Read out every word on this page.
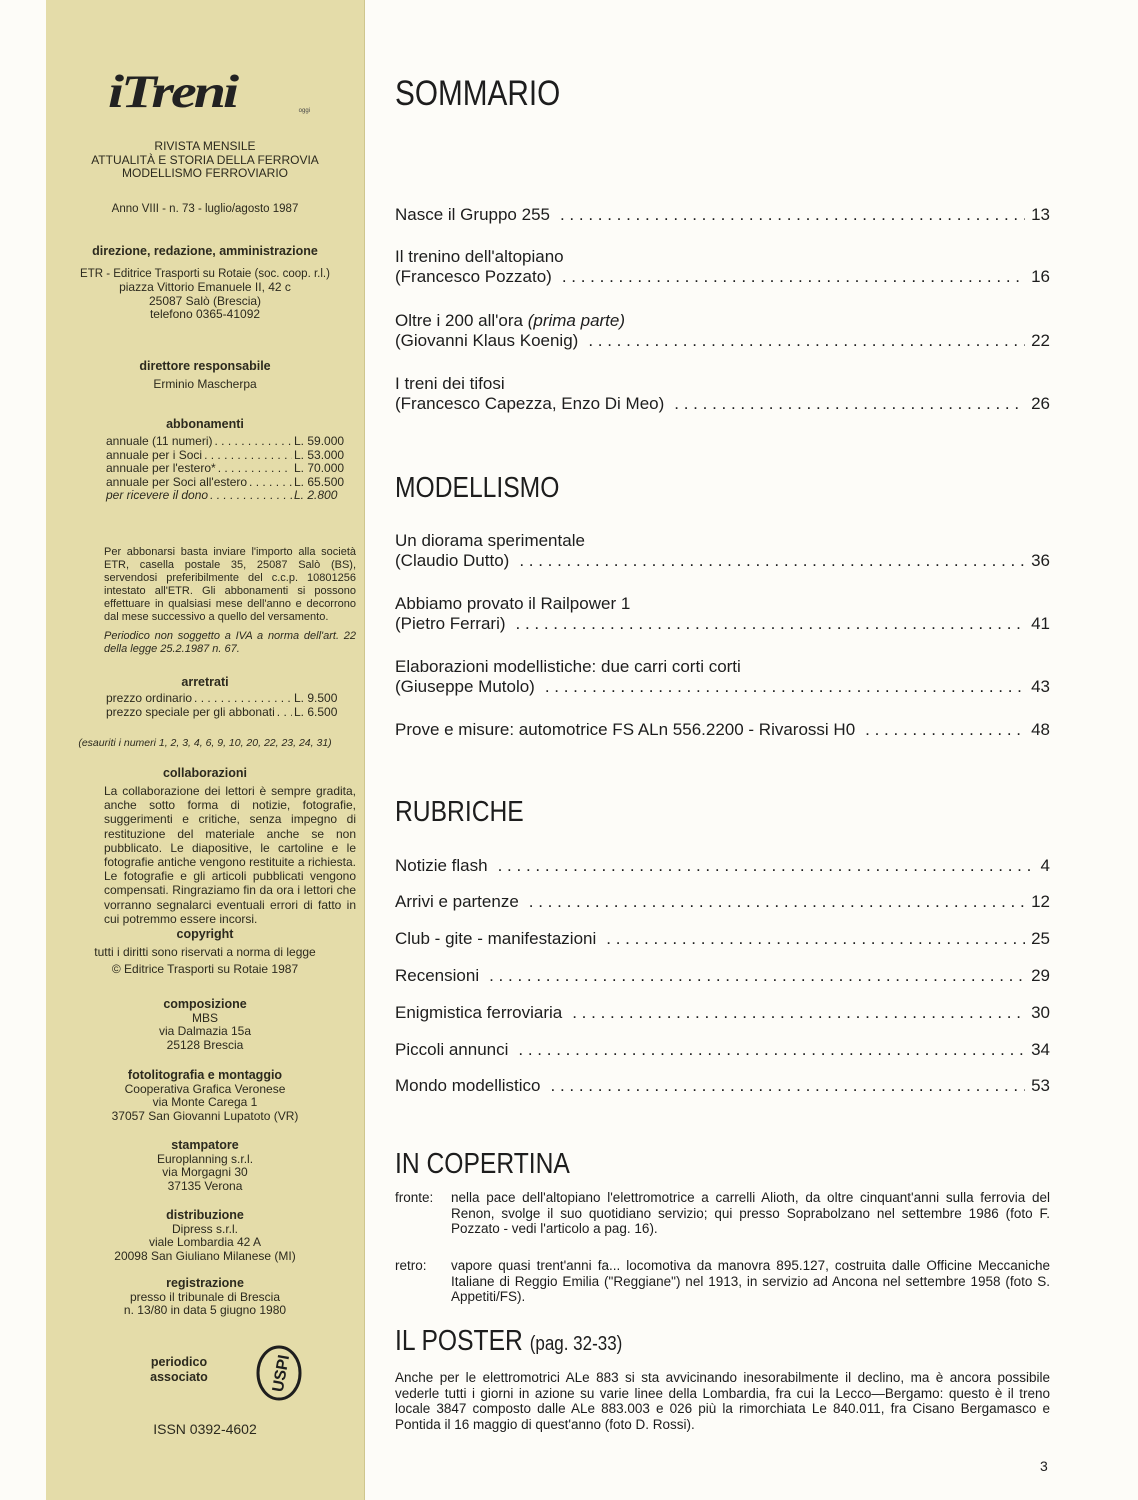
iTreni	oggi
RIVISTA MENSILE
ATTUALITÀ E STORIA DELLA FERROVIA
MODELLISMO FERROVIARIO
Anno VIII - n. 73 - luglio/agosto 1987
direzione, redazione, amministrazione
ETR - Editrice Trasporti su Rotaie (soc. coop. r.l.)
piazza Vittorio Emanuele II, 42 c
25087 Salò (Brescia)
telefono 0365-41092
direttore responsabile
Erminio Mascherpa
abbonamenti
annuale (11 numeri) . . .	L. 59.000
annuale per i Soci . . .	L. 53.000
annuale per l'estero* . . .	L. 70.000
annuale per Soci all'estero . . .	L. 65.500
per ricevere il dono . . .	L. 2.800
Per abbonarsi basta inviare l'importo alla società ETR, casella postale 35, 25087 Salò (BS), servendosi preferibilmente del c.c.p. 10801256 intestato all'ETR. Gli abbonamenti si possono effettuare in qualsiasi mese dell'anno e decorrono dal mese successivo a quello del versamento.
Periodico non soggetto a IVA a norma dell'art. 22 della legge 25.2.1987 n. 67.
arretrati
prezzo ordinario . . .	L. 9.500
prezzo speciale per gli abbonati . . . L. 6.500
(esauriti i numeri 1, 2, 3, 4, 6, 9, 10, 20, 22, 23, 24, 31)
collaborazioni
La collaborazione dei lettori è sempre gradita, anche sotto forma di notizie, fotografie, suggerimenti e critiche, senza impegno di restituzione del materiale anche se non pubblicato. Le diapositive, le cartoline e le fotografie antiche vengono restituite a richiesta. Le fotografie e gli articoli pubblicati vengono compensati. Ringraziamo fin da ora i lettori che vorranno segnalarci eventuali errori di fatto in cui potremmo essere incorsi.
copyright
tutti i diritti sono riservati a norma di legge
© Editrice Trasporti su Rotaie 1987
composizione
MBS
via Dalmazia 15a
25128 Brescia
fotolitografia e montaggio
Cooperativa Grafica Veronese
via Monte Carega 1
37057 San Giovanni Lupatoto (VR)
stampatore
Europlanning s.r.l.
via Morgagni 30
37135 Verona
distribuzione
Dipress s.r.l.
viale Lombardia 42 A
20098 San Giuliano Milanese (MI)
registrazione
presso il tribunale di Brescia
n. 13/80 in data 5 giugno 1980
periodico
associato	USPI
ISSN 0392-4602
SOMMARIO
Nasce il Gruppo 255 . . .	13
Il trenino dell'altopiano
(Francesco Pozzato) . . .	16
Oltre i 200 all'ora (prima parte)
(Giovanni Klaus Koenig) . . .	22
I treni dei tifosi
(Francesco Capezza, Enzo Di Meo) . . .	26
MODELLISMO
Un diorama sperimentale
(Claudio Dutto) . . .	36
Abbiamo provato il Railpower 1
(Pietro Ferrari) . . .	41
Elaborazioni modellistiche: due carri corti corti
(Giuseppe Mutolo) . . .	43
Prove e misure: automotrice FS ALn 556.2200 - Rivarossi H0 . . .	48
RUBRICHE
Notizie flash . . .	4
Arrivi e partenze . . .	12
Club - gite - manifestazioni . . .	25
Recensioni . . .	29
Enigmistica ferroviaria . . .	30
Piccoli annunci . . .	34
Mondo modellistico . . .	53
IN COPERTINA
fronte:	nella pace dell'altopiano l'elettromotrice a carrelli Alioth, da oltre cinquant'anni sulla ferrovia del Renon, svolge il suo quotidiano servizio; qui presso Soprabolzano nel settembre 1986 (foto F. Pozzato - vedi l'articolo a pag. 16).
retro:	vapore quasi trent'anni fa... locomotiva da manovra 895.127, costruita dalle Officine Meccaniche Italiane di Reggio Emilia ("Reggiane") nel 1913, in servizio ad Ancona nel settembre 1958 (foto S. Appetiti/FS).
IL POSTER (pag. 32-33)
Anche per le elettromotrici ALe 883 si sta avvicinando inesorabilmente il declino, ma è ancora possibile vederle tutti i giorni in azione su varie linee della Lombardia, fra cui la Lecco—Bergamo: questo è il treno locale 3847 composto dalle ALe 883.003 e 026 più la rimorchiata Le 840.011, fra Cisano Bergamasco e Pontida il 16 maggio di quest'anno (foto D. Rossi).
3
